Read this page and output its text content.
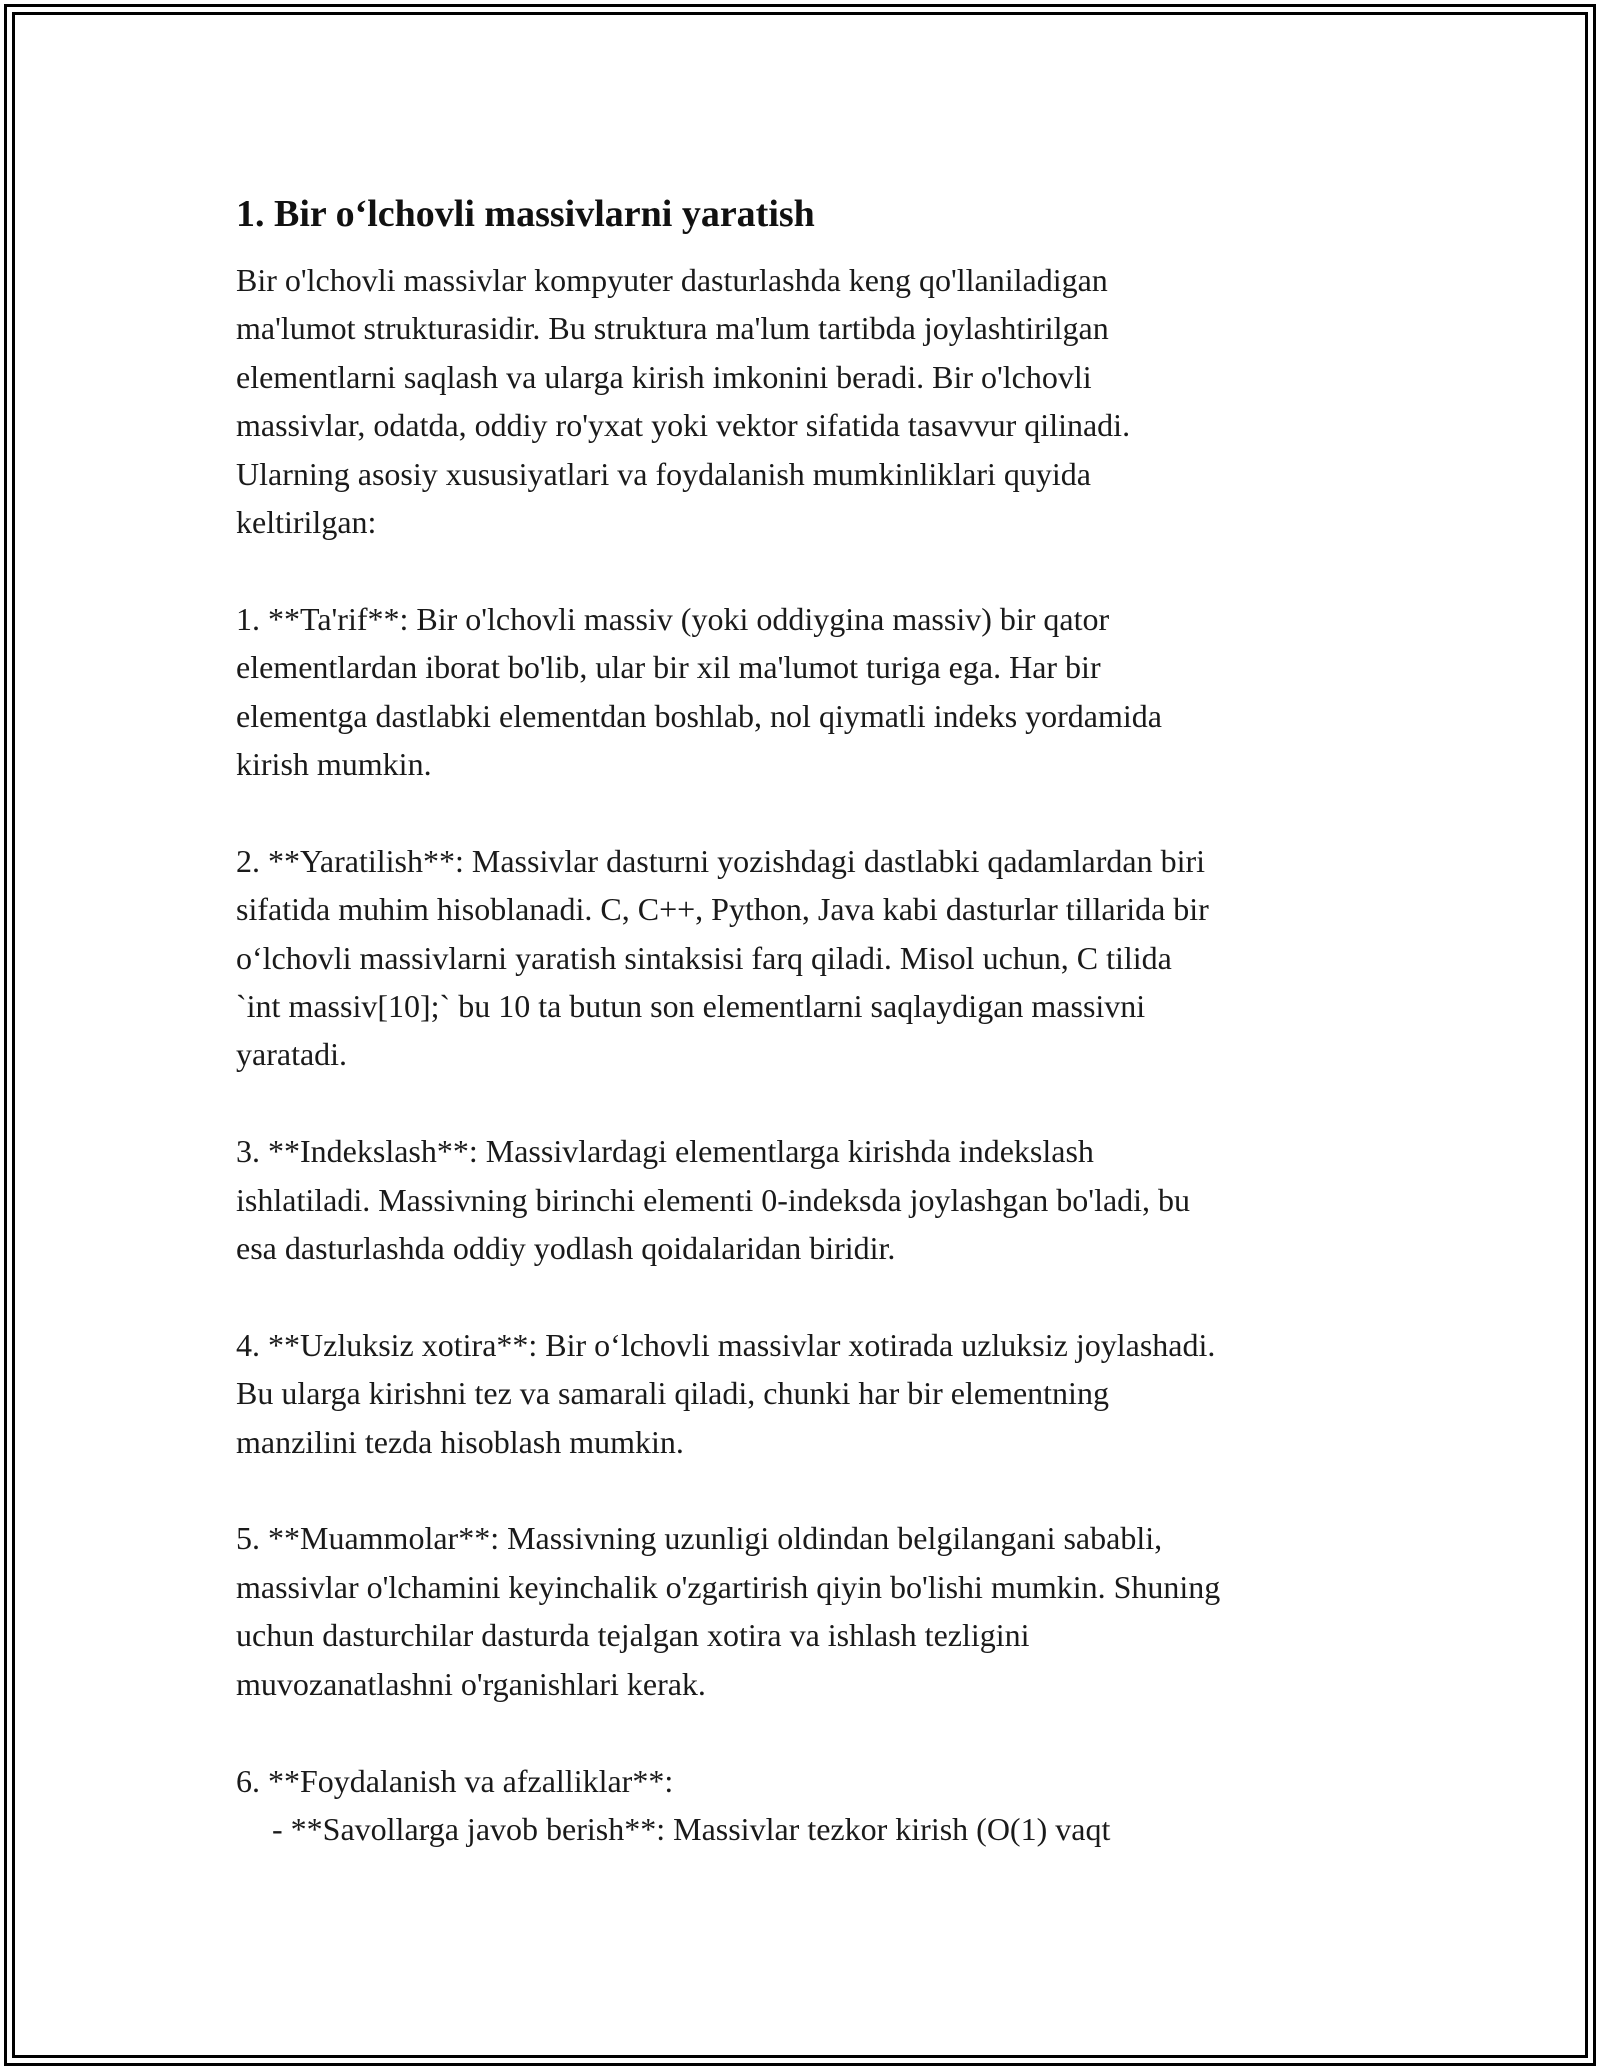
1. Bir o‘lchovli massivlarni yaratish
Bir o'lchovli massivlar kompyuter dasturlashda keng qo'llaniladigan
ma'lumot strukturasidir. Bu struktura ma'lum tartibda joylashtirilgan
elementlarni saqlash va ularga kirish imkonini beradi. Bir o'lchovli
massivlar, odatda, oddiy ro'yxat yoki vektor sifatida tasavvur qilinadi.
Ularning asosiy xususiyatlari va foydalanish mumkinliklari quyida
keltirilgan:
1. **Ta'rif**: Bir o'lchovli massiv (yoki oddiygina massiv) bir qator
elementlardan iborat bo'lib, ular bir xil ma'lumot turiga ega. Har bir
elementga dastlabki elementdan boshlab, nol qiymatli indeks yordamida
kirish mumkin.
2. **Yaratilish**: Massivlar dasturni yozishdagi dastlabki qadamlardan biri
sifatida muhim hisoblanadi. C, C++, Python, Java kabi dasturlar tillarida bir
o‘lchovli massivlarni yaratish sintaksisi farq qiladi. Misol uchun, C tilida
`int massiv[10];` bu 10 ta butun son elementlarni saqlaydigan massivni
yaratadi.
3. **Indekslash**: Massivlardagi elementlarga kirishda indekslash
ishlatiladi. Massivning birinchi elementi 0-indeksda joylashgan bo'ladi, bu
esa dasturlashda oddiy yodlash qoidalaridan biridir.
4. **Uzluksiz xotira**: Bir o‘lchovli massivlar xotirada uzluksiz joylashadi.
Bu ularga kirishni tez va samarali qiladi, chunki har bir elementning
manzilini tezda hisoblash mumkin.
5. **Muammolar**: Massivning uzunligi oldindan belgilangani sababli,
massivlar o'lchamini keyinchalik o'zgartirish qiyin bo'lishi mumkin. Shuning
uchun dasturchilar dasturda tejalgan xotira va ishlash tezligini
muvozanatlashni o'rganishlari kerak.
6. **Foydalanish va afzalliklar**:
- **Savollarga javob berish**: Massivlar tezkor kirish (O(1) vaqt
